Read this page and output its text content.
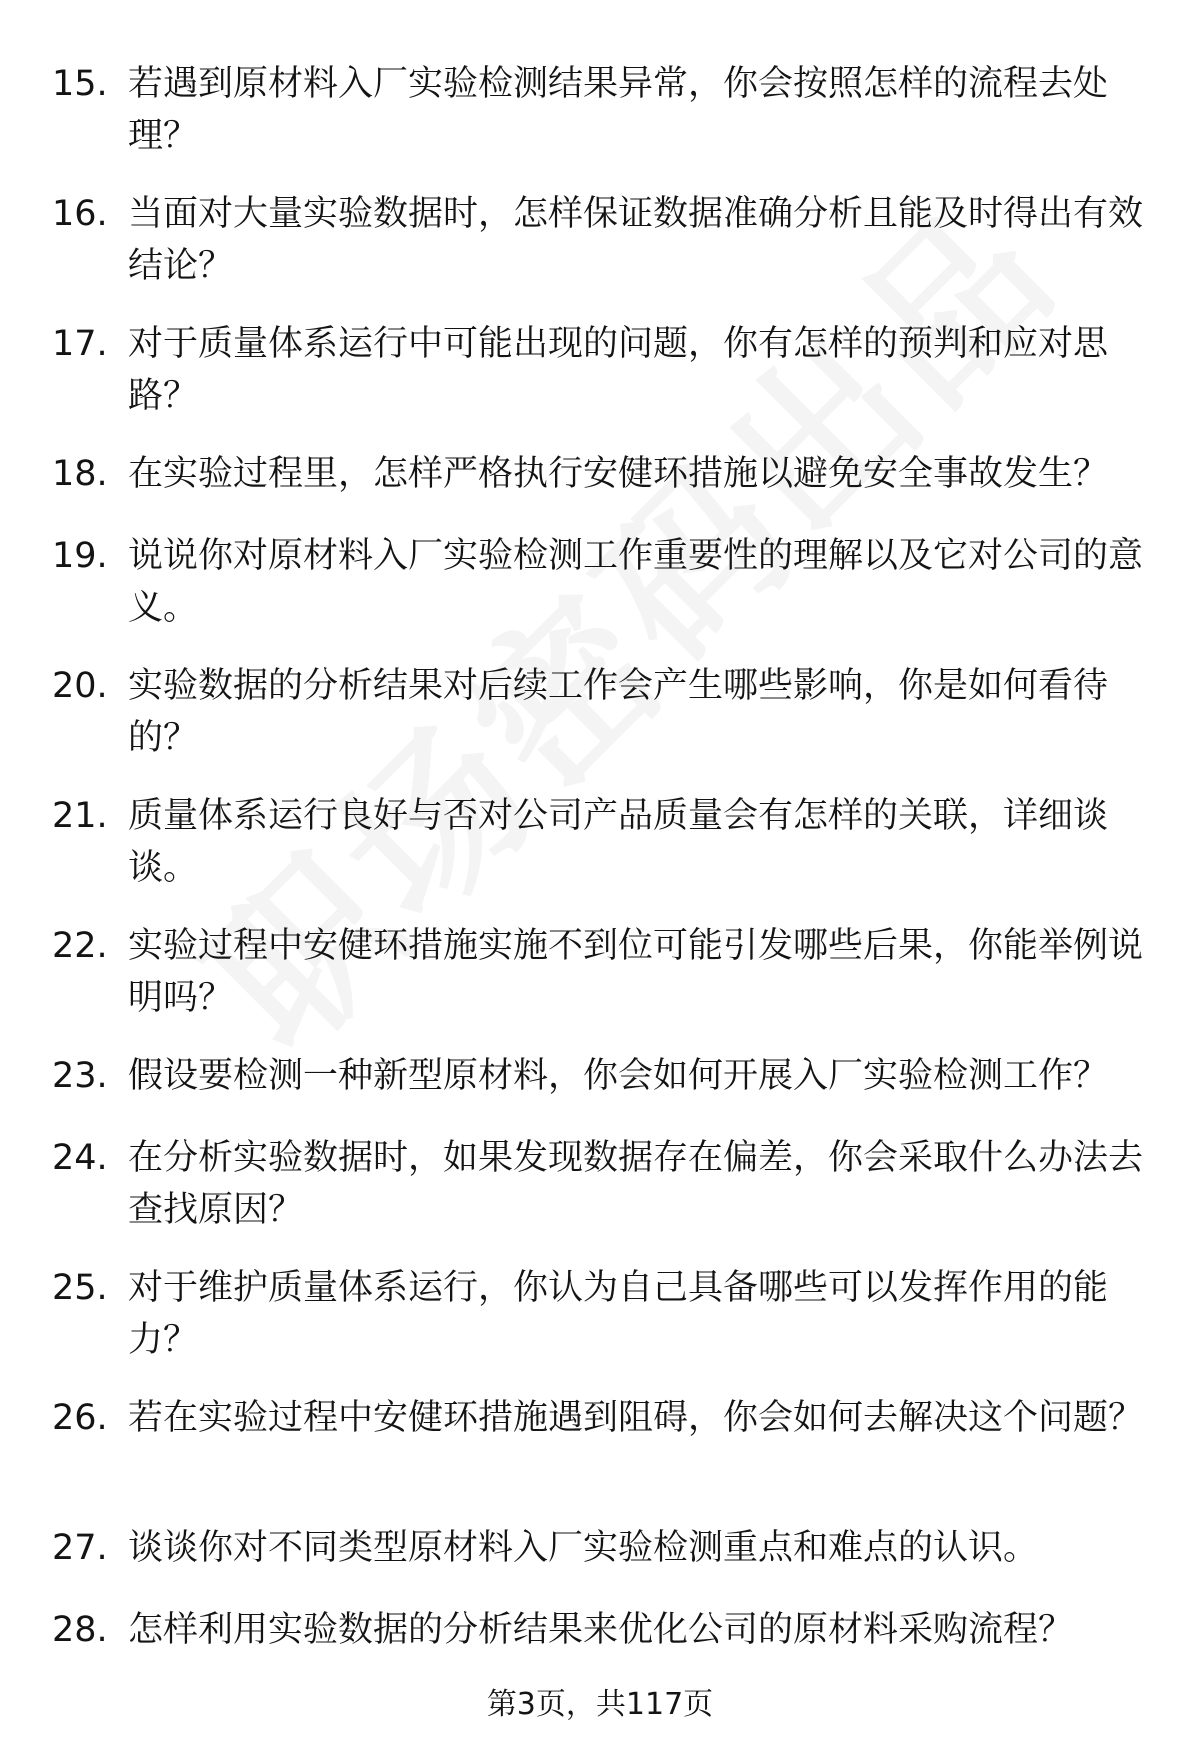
15. 若遇到原材料入厂实验检测结果异常，你会按照怎样的流程去处理？
16. 当面对大量实验数据时，怎样保证数据准确分析且能及时得出有效结论？
17. 对于质量体系运行中可能出现的问题，你有怎样的预判和应对思路？
18. 在实验过程里，怎样严格执行安健环措施以避免安全事故发生？
19. 说说你对原材料入厂实验检测工作重要性的理解以及它对公司的意义。
20. 实验数据的分析结果对后续工作会产生哪些影响，你是如何看待的？
21. 质量体系运行良好与否对公司产品质量会有怎样的关联，详细谈谈。
22. 实验过程中安健环措施实施不到位可能引发哪些后果，你能举例说明吗？
23. 假设要检测一种新型原材料，你会如何开展入厂实验检测工作？
24. 在分析实验数据时，如果发现数据存在偏差，你会采取什么办法去查找原因？
25. 对于维护质量体系运行，你认为自己具备哪些可以发挥作用的能力？
26. 若在实验过程中安健环措施遇到阻碍，你会如何去解决这个问题？
27. 谈谈你对不同类型原材料入厂实验检测重点和难点的认识。
28. 怎样利用实验数据的分析结果来优化公司的原材料采购流程？
第3页，共117页
